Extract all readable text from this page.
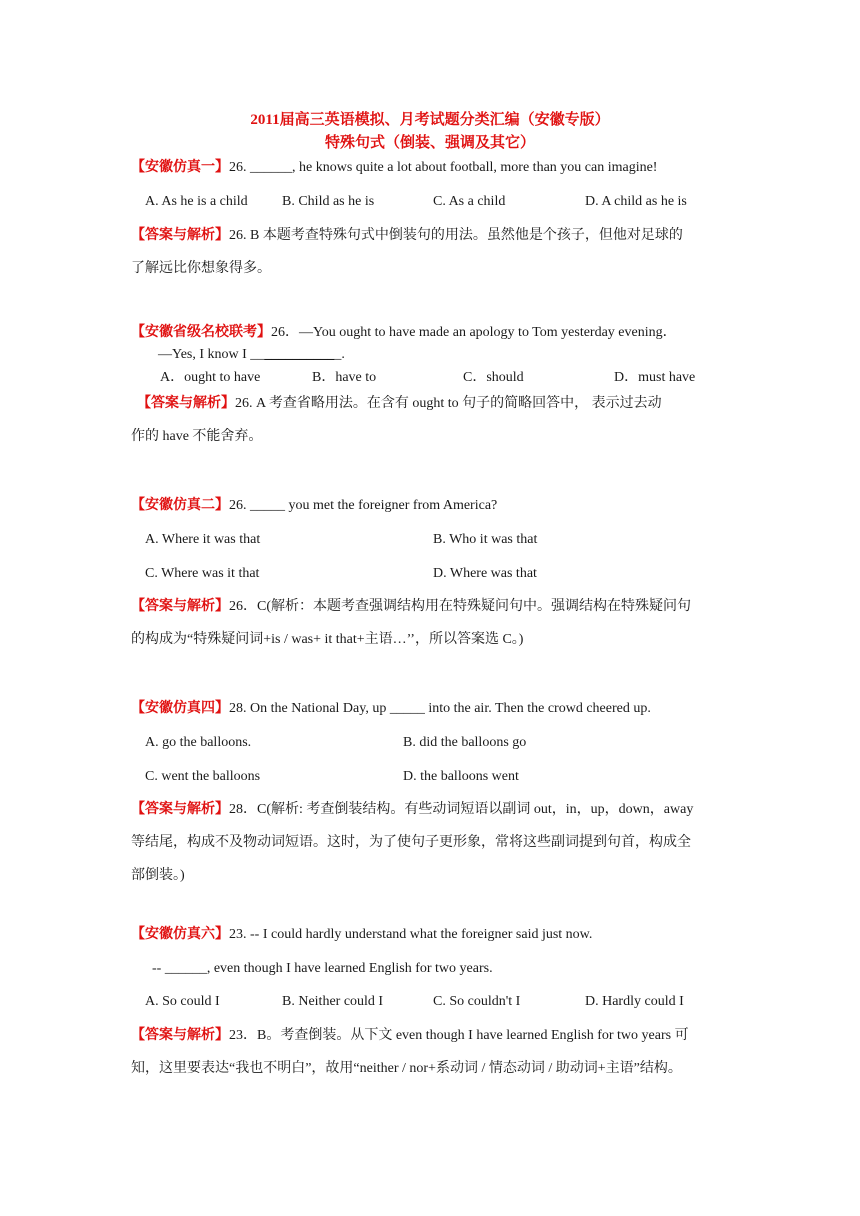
2011届高三英语模拟、月考试题分类汇编（安徽专版）
特殊句式（倒装、强调及其它）
【安徽仿真一】26. ______, he knows quite a lot about football, more than you can imagine!
A. As he is a child B. Child as he is	C. As a child	D. A child as he is
【答案与解析】26. B 本题考查特殊句式中倒装句的用法。虽然他是个孩子，但他对足球的
了解远比你想象得多。
【安徽省级名校联考】26．—You ought to have made an apology to Tom yesterday evening．
—Yes, I know I _____________.
A．ought to have	B．have to	C．should	D．must have
【答案与解析】26. A 考查省略用法。在含有 ought to 句子的简略回答中， 表示过去动
作的 have 不能舍弃。
【安徽仿真二】26. _____ you met the foreigner from America?
A. Where it was that	B. Who it was that
C. Where was it that	D. Where was that
【答案与解析】26．C(解析：本题考查强调结构用在特殊疑问句中。强调结构在特殊疑问句
的构成为“特殊疑问词+is / was+ it that+主语…’’，所以答案选 C。)
【安徽仿真四】28. On the National Day, up _____ into the air. Then the crowd cheered up.
A. go the balloons.	B. did the balloons go
C. went the balloons	D. the balloons went
【答案与解析】28．C(解析: 考查倒装结构。有些动词短语以副词 out，in，up，down，away
等结尾，构成不及物动词短语。这时，为了使句子更形象，常将这些副词提到句首，构成全
部倒装。)
【安徽仿真六】23. -- I could hardly understand what the foreigner said just now.
-- ______, even though I have learned English for two years.
A. So could I	B. Neither could I	C. So couldn't I	D. Hardly could I
【答案与解析】23．B。考查倒装。从下文 even though I have learned English for two years 可
知，这里要表达“我也不明白”，故用“neither / nor+系动词 / 情态动词 / 助动词+主语”结构。
